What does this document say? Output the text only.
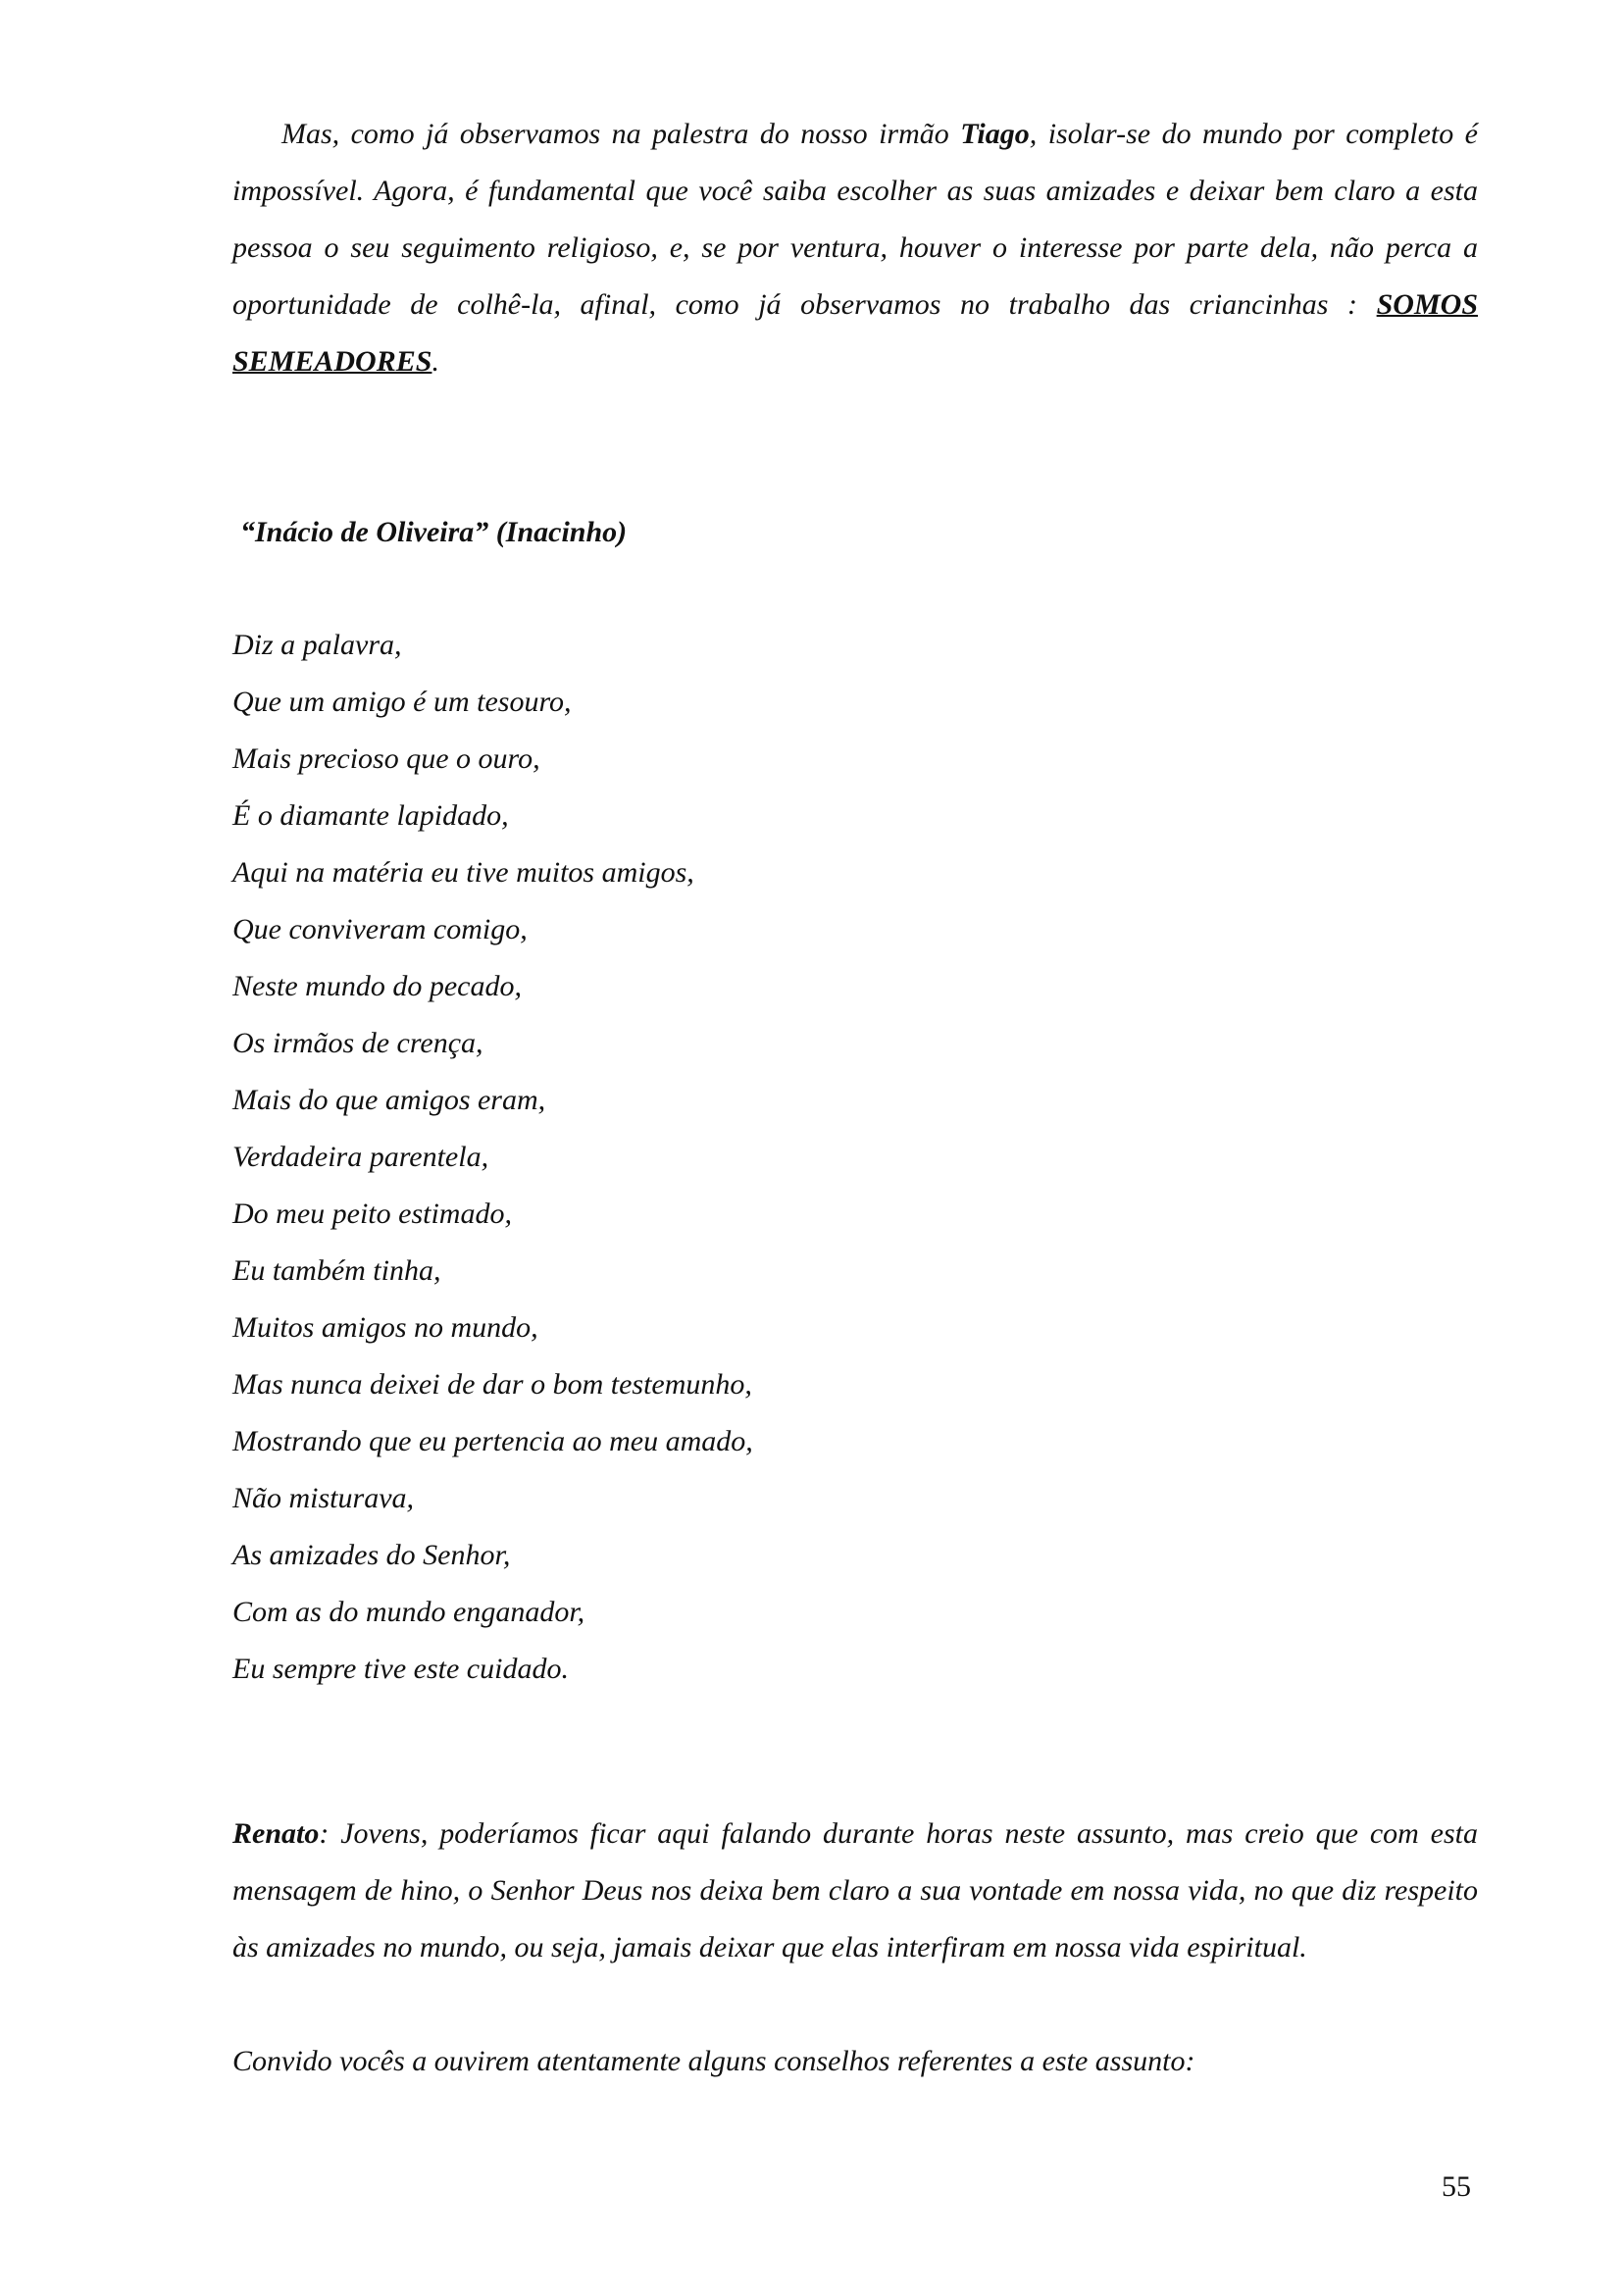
Mas, como já observamos na palestra do nosso irmão Tiago, isolar-se do mundo por completo é impossível. Agora, é fundamental que você saiba escolher as suas amizades e deixar bem claro a esta pessoa o seu seguimento religioso, e, se por ventura, houver o interesse por parte dela, não perca a oportunidade de colhê-la, afinal, como já observamos no trabalho das criancinhas : SOMOS SEMEADORES.

“Inácio de Oliveira” (Inacinho)
Diz a palavra,
Que um amigo é um tesouro,
Mais precioso que o ouro,
É o diamante lapidado,
Aqui na matéria eu tive muitos amigos,
Que conviveram comigo,
Neste mundo do pecado,
Os irmãos de crença,
Mais do que amigos eram,
Verdadeira parentela,
Do meu peito estimado,
Eu também tinha,
Muitos amigos no mundo,
Mas nunca deixei de dar o bom testemunho,
Mostrando que eu pertencia ao meu amado,
Não misturava,
As amizades do Senhor,
Com as do mundo enganador,
Eu sempre tive este cuidado.

Renato: Jovens, poderíamos ficar aqui falando durante horas neste assunto, mas creio que com esta mensagem de hino, o Senhor Deus nos deixa bem claro a sua vontade em nossa vida, no que diz respeito às amizades no mundo, ou seja, jamais deixar que elas interfiram em nossa vida espiritual.

Convido vocês a ouvirem atentamente alguns conselhos referentes a este assunto:

55
